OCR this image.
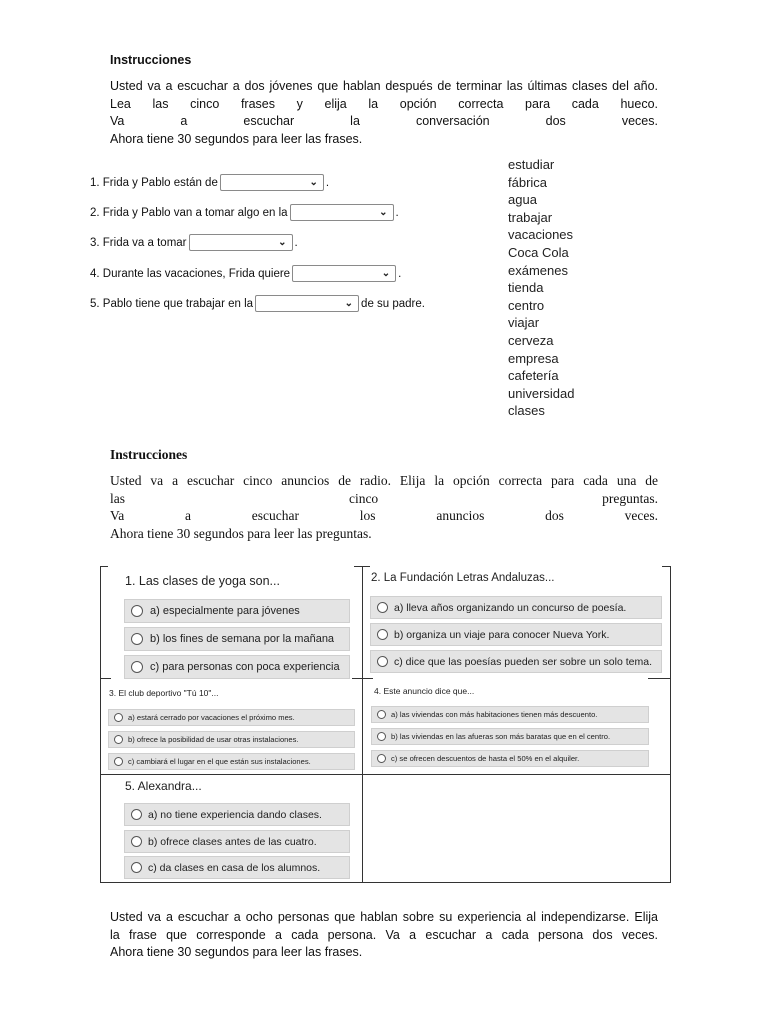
Instrucciones
Usted va a escuchar a dos jóvenes que hablan después de terminar las últimas clases del año.
Lea las cinco frases y elija la opción correcta para cada hueco.
Va a escuchar la conversación dos veces.
Ahora tiene 30 segundos para leer las frases.
1. Frida y Pablo están de	⌄ .
2. Frida y Pablo van a tomar algo en la	⌄ .
3. Frida va a tomar	⌄ .
4. Durante las vacaciones, Frida quiere	⌄ .
5. Pablo tiene que trabajar en la	⌄ de su padre.
estudiar
fábrica
agua
trabajar
vacaciones
Coca Cola
exámenes
tienda
centro
viajar
cerveza
empresa
cafetería
universidad
clases
Instrucciones
Usted va a escuchar cinco anuncios de radio. Elija la opción correcta para cada una de
las cinco preguntas.
Va a escuchar los anuncios dos veces.
Ahora tiene 30 segundos para leer las preguntas.
1. Las clases de yoga son...
a) especialmente para jóvenes
b) los fines de semana por la mañana
c) para personas con poca experiencia
2. La Fundación Letras Andaluzas...
a) lleva años organizando un concurso de poesía.
b) organiza un viaje para conocer Nueva York.
c) dice que las poesías pueden ser sobre un solo tema.
3. El club deportivo "Tú 10"...
a) estará cerrado por vacaciones el próximo mes.
b) ofrece la posibilidad de usar otras instalaciones.
c) cambiará el lugar en el que están sus instalaciones.
4. Este anuncio dice que...
a) las viviendas con más habitaciones tienen más descuento.
b) las viviendas en las afueras son más baratas que en el centro.
c) se ofrecen descuentos de hasta el 50% en el alquiler.
5. Alexandra...
a) no tiene experiencia dando clases.
b) ofrece clases antes de las cuatro.
c) da clases en casa de los alumnos.
Usted va a escuchar a ocho personas que hablan sobre su experiencia al independizarse. Elija
la frase que corresponde a cada persona. Va a escuchar a cada persona dos veces.
Ahora tiene 30 segundos para leer las frases.
